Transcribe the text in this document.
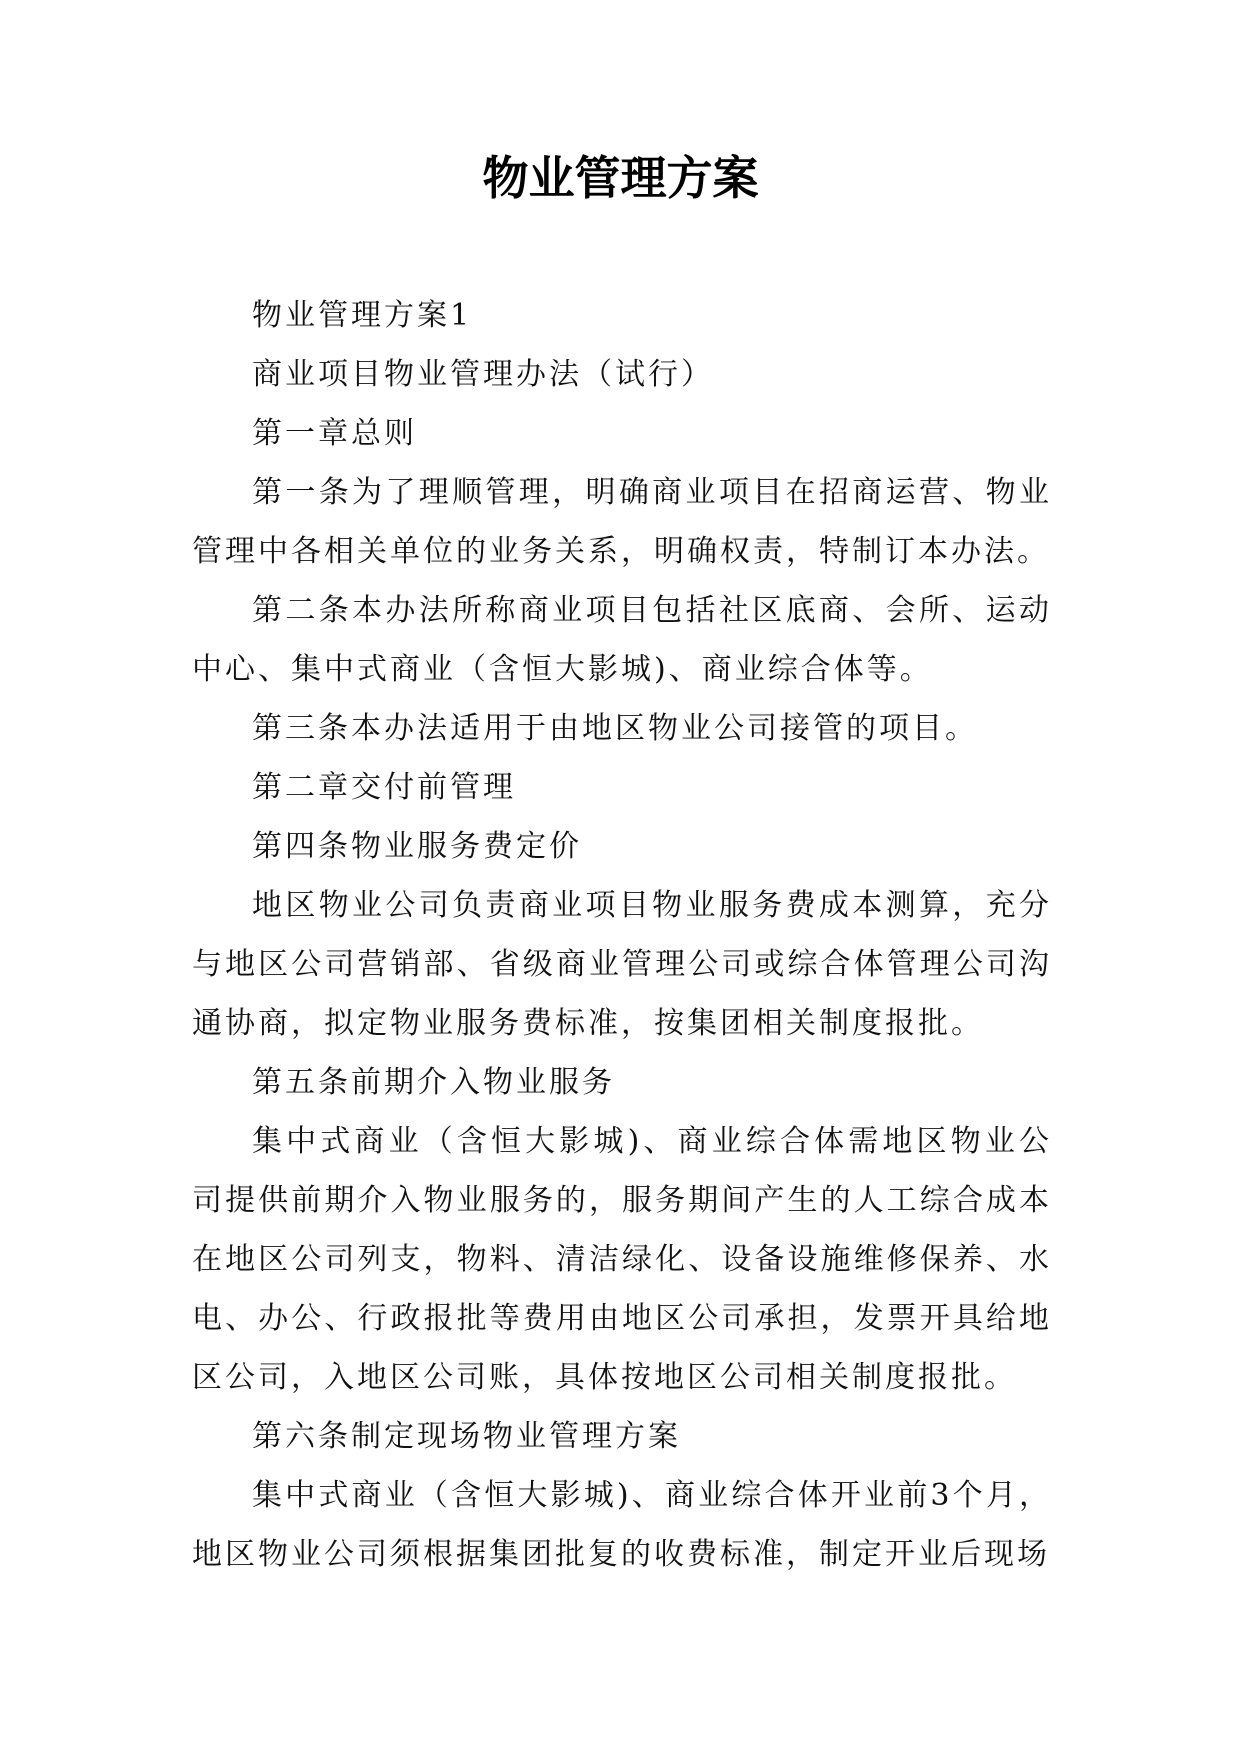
物业管理方案

物业管理方案1

商业项目物业管理办法（试行）

第一章总则

第一条为了理顺管理，明确商业项目在招商运营、物业管理中各相关单位的业务关系，明确权责，特制订本办法。

第二条本办法所称商业项目包括社区底商、会所、运动中心、集中式商业（含恒大影城)、商业综合体等。

第三条本办法适用于由地区物业公司接管的项目。

第二章交付前管理

第四条物业服务费定价

地区物业公司负责商业项目物业服务费成本测算，充分与地区公司营销部、省级商业管理公司或综合体管理公司沟通协商，拟定物业服务费标准，按集团相关制度报批。

第五条前期介入物业服务

集中式商业（含恒大影城)、商业综合体需地区物业公司提供前期介入物业服务的，服务期间产生的人工综合成本在地区公司列支，物料、清洁绿化、设备设施维修保养、水电、办公、行政报批等费用由地区公司承担，发票开具给地区公司，入地区公司账，具体按地区公司相关制度报批。

第六条制定现场物业管理方案

集中式商业（含恒大影城)、商业综合体开业前3个月，地区物业公司须根据集团批复的收费标准，制定开业后现场
